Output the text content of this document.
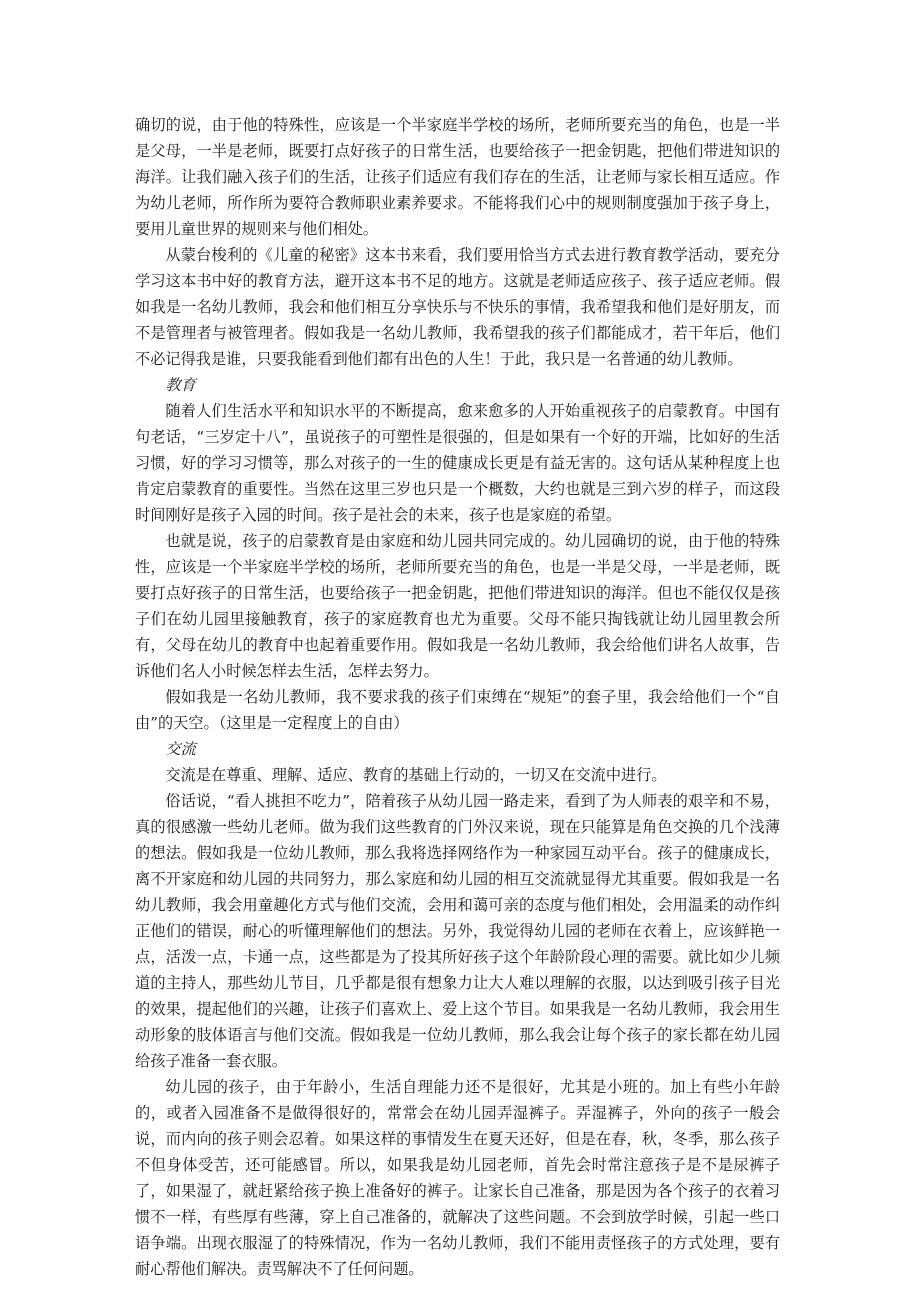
确切的说，由于他的特殊性，应该是一个半家庭半学校的场所，老师所要充当的角色，也是一半是父母，一半是老师，既要打点好孩子的日常生活，也要给孩子一把金钥匙，把他们带进知识的海洋。让我们融入孩子们的生活，让孩子们适应有我们存在的生活，让老师与家长相互适应。作为幼儿老师，所作所为要符合教师职业素养要求。不能将我们心中的规则制度强加于孩子身上，要用儿童世界的规则来与他们相处。

从蒙台梭利的《儿童的秘密》这本书来看，我们要用恰当方式去进行教育教学活动，要充分学习这本书中好的教育方法，避开这本书不足的地方。这就是老师适应孩子、孩子适应老师。假如我是一名幼儿教师，我会和他们相互分享快乐与不快乐的事情，我希望我和他们是好朋友，而不是管理者与被管理者。假如我是一名幼儿教师，我希望我的孩子们都能成才，若干年后，他们不必记得我是谁，只要我能看到他们都有出色的人生！于此，我只是一名普通的幼儿教师。

教育

随着人们生活水平和知识水平的不断提高，愈来愈多的人开始重视孩子的启蒙教育。中国有句老话，“三岁定十八”，虽说孩子的可塑性是很强的，但是如果有一个好的开端，比如好的生活习惯，好的学习习惯等，那么对孩子的一生的健康成长更是有益无害的。这句话从某种程度上也肯定启蒙教育的重要性。当然在这里三岁也只是一个概数，大约也就是三到六岁的样子，而这段时间刚好是孩子入园的时间。孩子是社会的未来，孩子也是家庭的希望。

也就是说，孩子的启蒙教育是由家庭和幼儿园共同完成的。幼儿园确切的说，由于他的特殊性，应该是一个半家庭半学校的场所，老师所要充当的角色，也是一半是父母，一半是老师，既要打点好孩子的日常生活，也要给孩子一把金钥匙，把他们带进知识的海洋。但也不能仅仅是孩子们在幼儿园里接触教育，孩子的家庭教育也尤为重要。父母不能只掏钱就让幼儿园里教会所有，父母在幼儿的教育中也起着重要作用。假如我是一名幼儿教师，我会给他们讲名人故事，告诉他们名人小时候怎样去生活，怎样去努力。

假如我是一名幼儿教师，我不要求我的孩子们束缚在“规矩”的套子里，我会给他们一个“自由”的天空。（这里是一定程度上的自由）

交流

交流是在尊重、理解、适应、教育的基础上行动的，一切又在交流中进行。

俗话说，“看人挑担不吃力”，陪着孩子从幼儿园一路走来，看到了为人师表的艰辛和不易，真的很感激一些幼儿老师。做为我们这些教育的门外汉来说，现在只能算是角色交换的几个浅薄的想法。假如我是一位幼儿教师，那么我将选择网络作为一种家园互动平台。孩子的健康成长，离不开家庭和幼儿园的共同努力，那么家庭和幼儿园的相互交流就显得尤其重要。假如我是一名幼儿教师，我会用童趣化方式与他们交流，会用和蔼可亲的态度与他们相处，会用温柔的动作纠正他们的错误，耐心的听懂理解他们的想法。另外，我觉得幼儿园的老师在衣着上，应该鲜艳一点，活泼一点，卡通一点，这些都是为了投其所好孩子这个年龄阶段心理的需要。就比如少儿频道的主持人，那些幼儿节目，几乎都是很有想象力让大人难以理解的衣服，以达到吸引孩子目光的效果，提起他们的兴趣，让孩子们喜欢上、爱上这个节目。如果我是一名幼儿教师，我会用生动形象的肢体语言与他们交流。假如我是一位幼儿教师，那么我会让每个孩子的家长都在幼儿园给孩子准备一套衣服。

幼儿园的孩子，由于年龄小，生活自理能力还不是很好，尤其是小班的。加上有些小年龄的，或者入园准备不是做得很好的，常常会在幼儿园弄湿裤子。弄湿裤子，外向的孩子一般会说，而内向的孩子则会忍着。如果这样的事情发生在夏天还好，但是在春，秋，冬季，那么孩子不但身体受苦，还可能感冒。所以，如果我是幼儿园老师，首先会时常注意孩子是不是尿裤子了，如果湿了，就赶紧给孩子换上准备好的裤子。让家长自己准备，那是因为各个孩子的衣着习惯不一样，有些厚有些薄，穿上自己准备的，就解决了这些问题。不会到放学时候，引起一些口语争端。出现衣服湿了的特殊情况，作为一名幼儿教师，我们不能用责怪孩子的方式处理，要有耐心帮他们解决。责骂解决不了任何问题。
